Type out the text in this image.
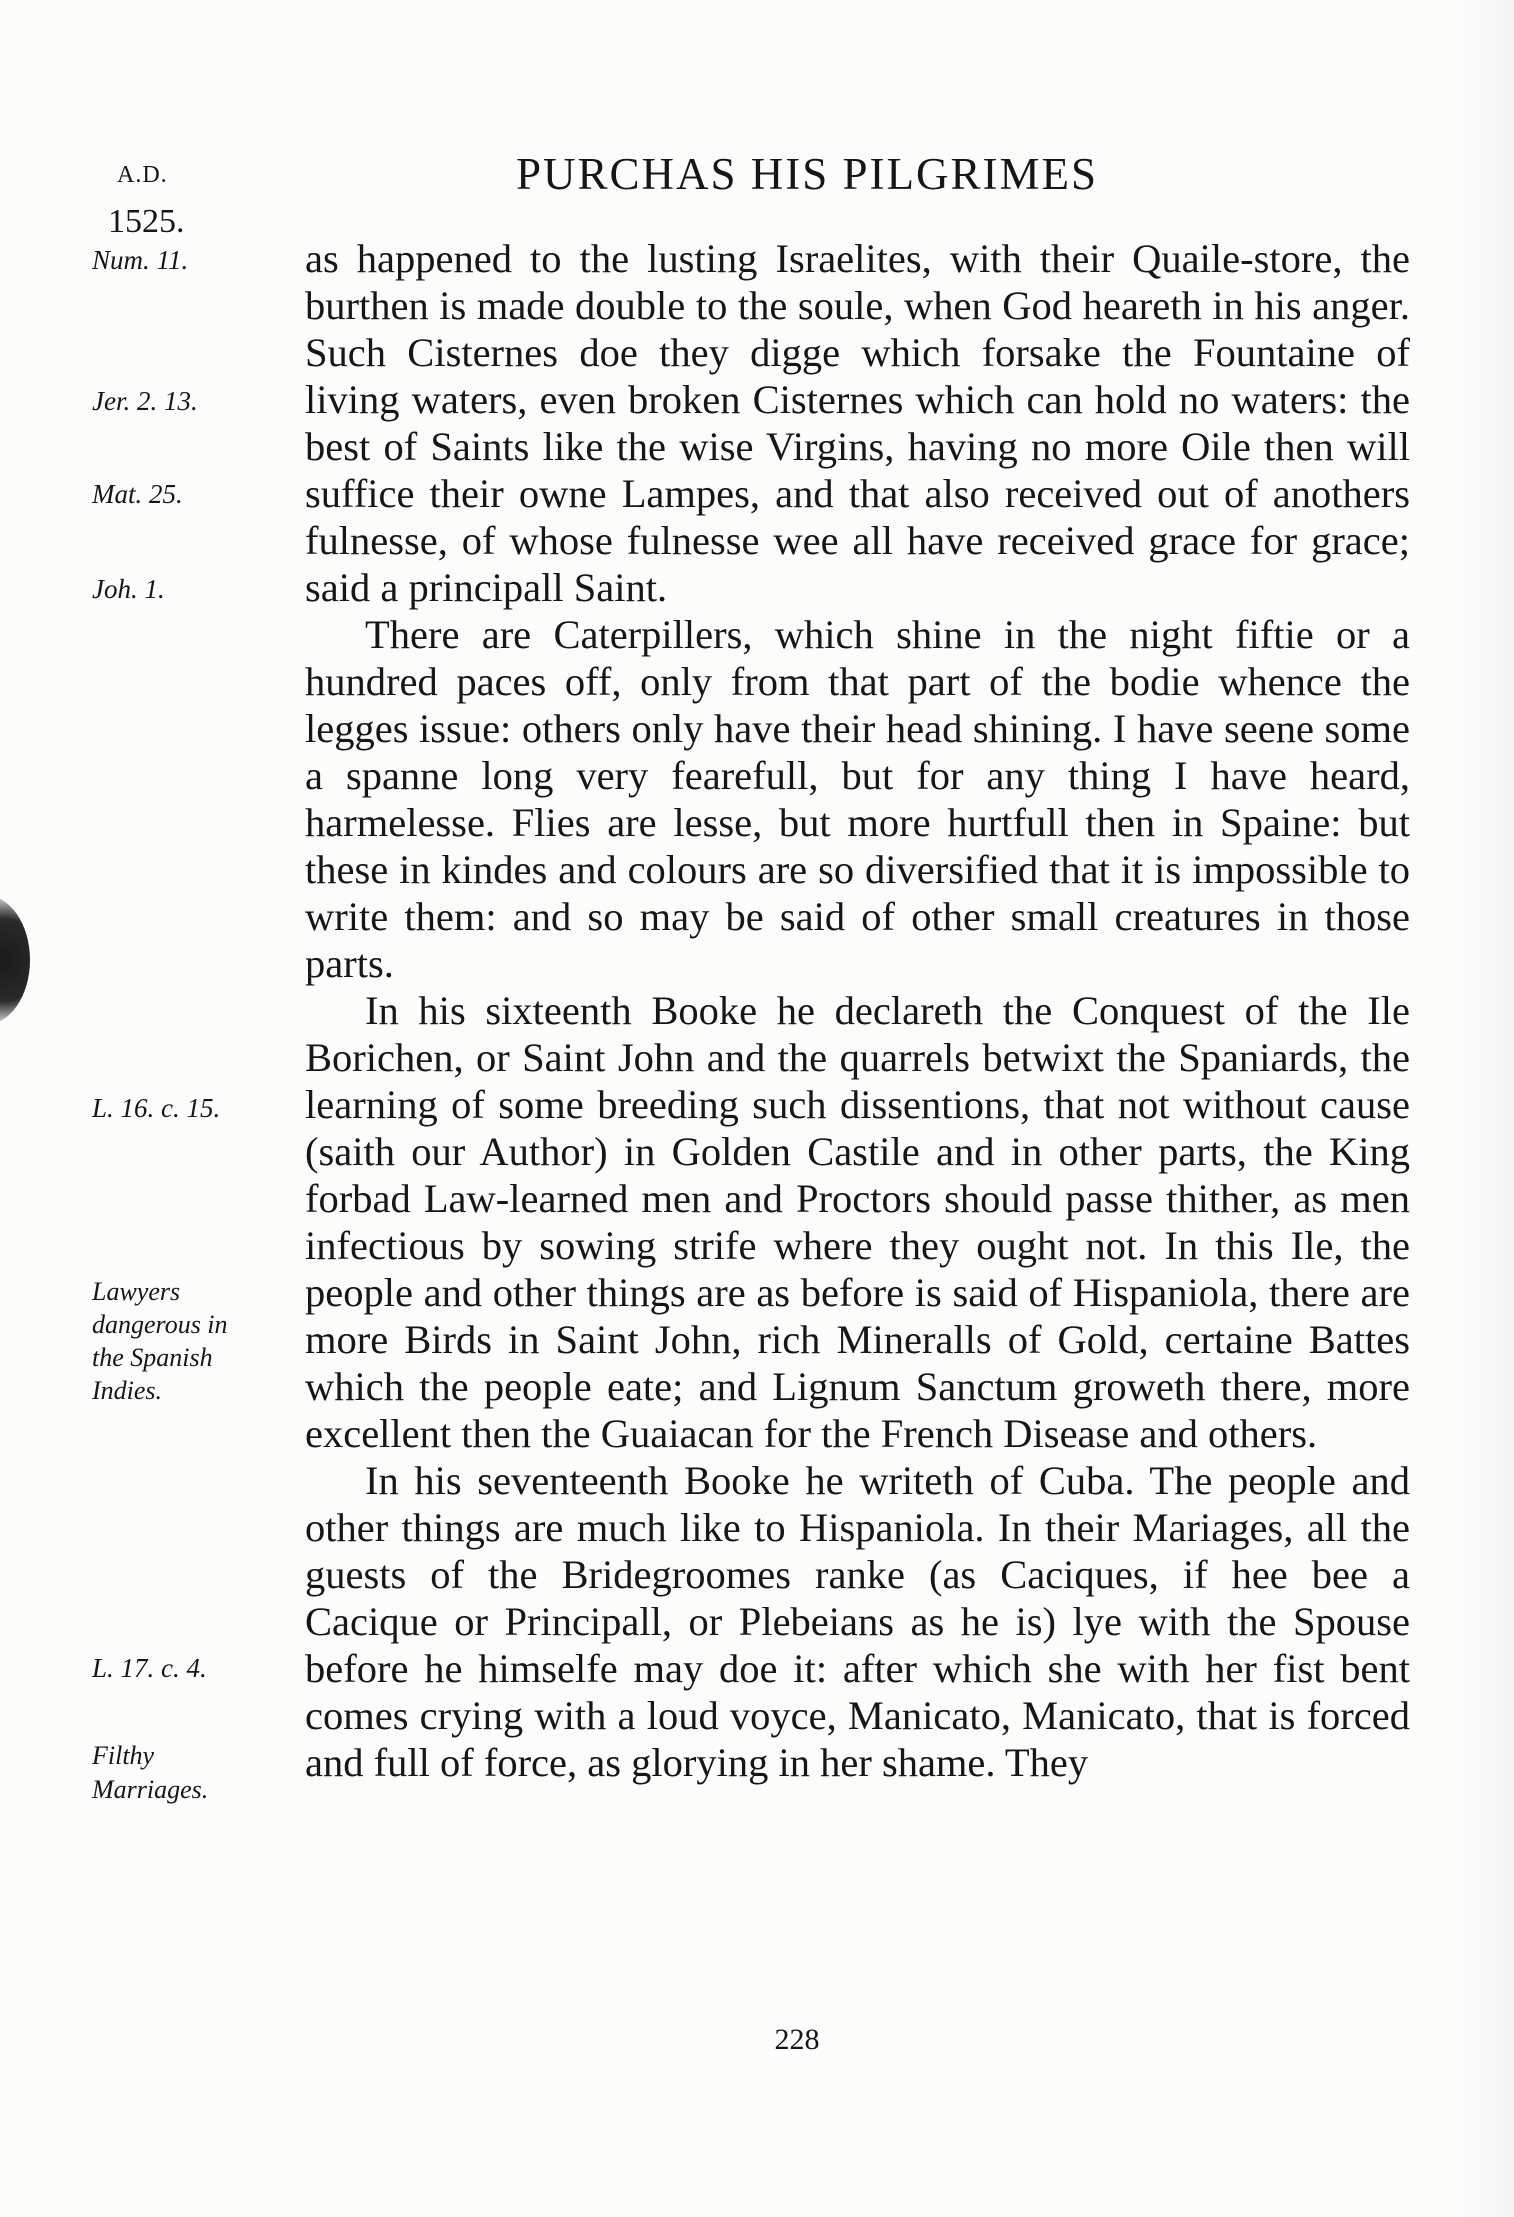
A.D.
1525.
PURCHAS HIS PILGRIMES
Num. 11.
Jer. 2. 13.
Mat. 25.
Joh. 1.
L. 16. c. 15.
Lawyers
dangerous in
the Spanish
Indies.
L. 17. c. 4.
Filthy
Marriages.

as happened to the lusting Israelites, with their Quaile-store, the burthen is made double to the soule, when God heareth in his anger. Such Cisternes doe they digge which forsake the Fountaine of living waters, even broken Cisternes which can hold no waters: the best of Saints like the wise Virgins, having no more Oile then will suffice their owne Lampes, and that also received out of anothers fulnesse, of whose fulnesse wee all have received grace for grace; said a principall Saint.

There are Caterpillers, which shine in the night fiftie or a hundred paces off, only from that part of the bodie whence the legges issue: others only have their head shining. I have seene some a spanne long very fearefull, but for any thing I have heard, harmelesse. Flies are lesse, but more hurtfull then in Spaine: but these in kindes and colours are so diversified that it is impossible to write them: and so may be said of other small creatures in those parts.

In his sixteenth Booke he declareth the Conquest of the Ile Borichen, or Saint John and the quarrels betwixt the Spaniards, the learning of some breeding such dissentions, that not without cause (saith our Author) in Golden Castile and in other parts, the King forbad Law-learned men and Proctors should passe thither, as men infectious by sowing strife where they ought not. In this Ile, the people and other things are as before is said of Hispaniola, there are more Birds in Saint John, rich Mineralls of Gold, certaine Battes which the people eate; and Lignum Sanctum groweth there, more excellent then the Guaiacan for the French Disease and others.

In his seventeenth Booke he writeth of Cuba. The people and other things are much like to Hispaniola. In their Mariages, all the guests of the Bridegroomes ranke (as Caciques, if hee bee a Cacique or Principall, or Plebeians as he is) lye with the Spouse before he himselfe may doe it: after which she with her fist bent comes crying with a loud voyce, Manicato, Manicato, that is forced and full of force, as glorying in her shame. They

228
